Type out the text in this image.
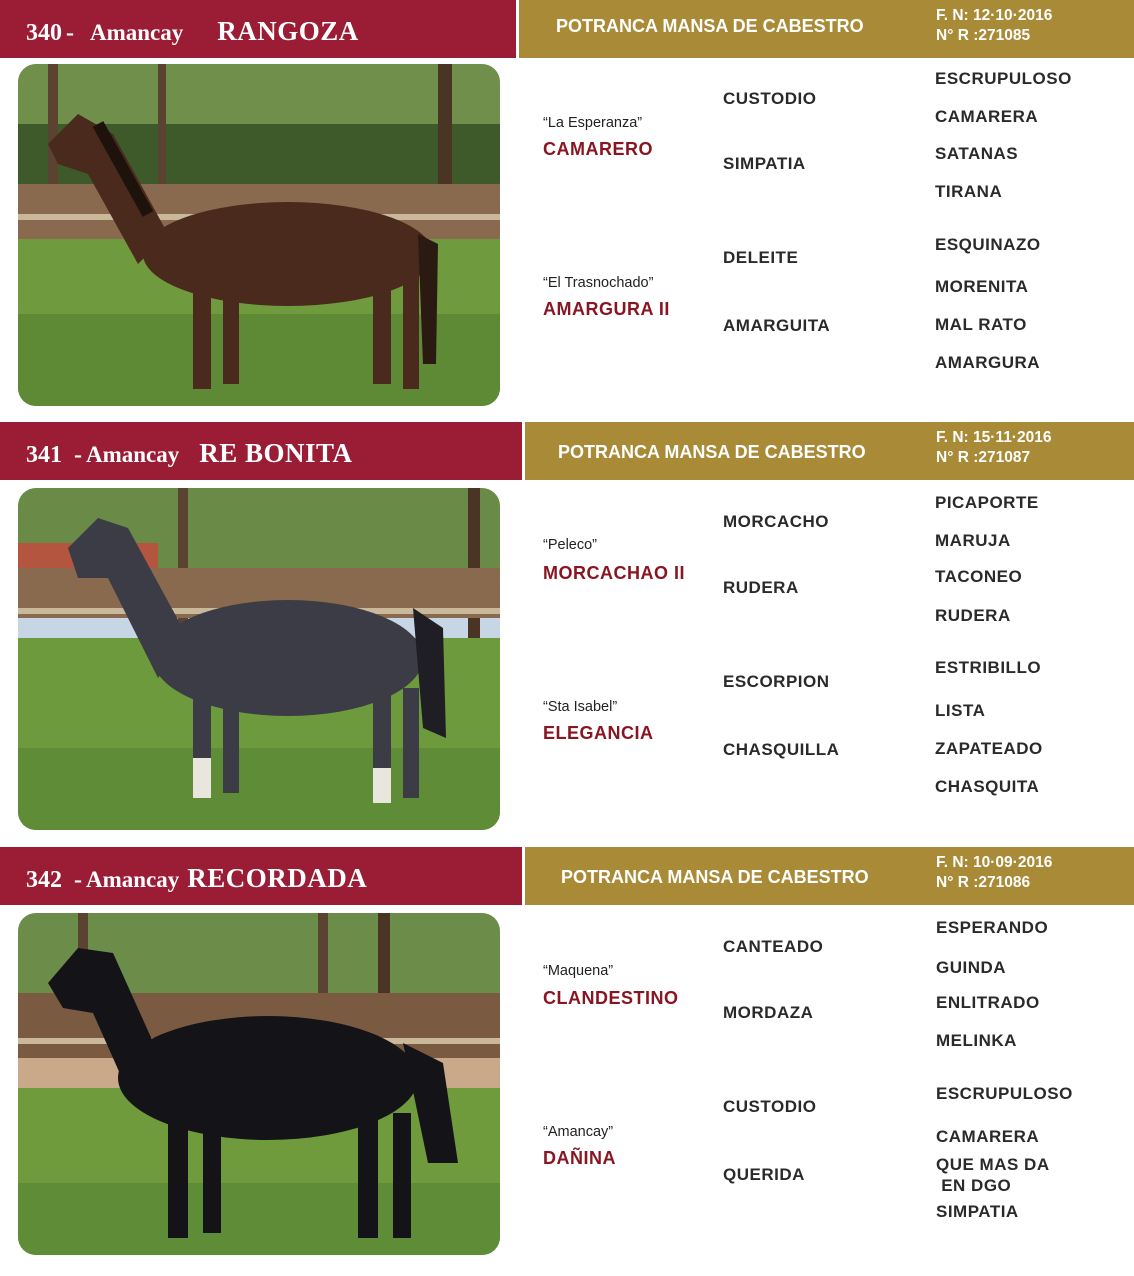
340 - Amancay RANGOZA	POTRANCA MANSA DE CABESTRO
F. N: 12·10·2016
N° R :271085
“La Esperanza”
CAMARERO
“El Trasnochado”
AMARGURA II
CUSTODIO
SIMPATIA
DELEITE
AMARGUITA
ESCRUPULOSO
CAMARERA
SATANAS
TIRANA
ESQUINAZO
MORENITA
MAL RATO
AMARGURA
341 - Amancay RE BONITA	POTRANCA MANSA DE CABESTRO
F. N: 15·11·2016
N° R :271087
“Peleco”
MORCACHAO II
“Sta Isabel”
ELEGANCIA
MORCACHO
RUDERA
ESCORPION
CHASQUILLA
PICAPORTE
MARUJA
TACONEO
RUDERA
ESTRIBILLO
LISTA
ZAPATEADO
CHASQUITA
342 - Amancay RECORDADA	POTRANCA MANSA DE CABESTRO
F. N: 10·09·2016
N° R :271086
“Maquena”
CLANDESTINO
“Amancay”
DAÑINA
CANTEADO
MORDAZA
CUSTODIO
QUERIDA
ESPERANDO
GUINDA
ENLITRADO
MELINKA
ESCRUPULOSO
CAMARERA
QUE MAS DA
EN DGO
SIMPATIA
